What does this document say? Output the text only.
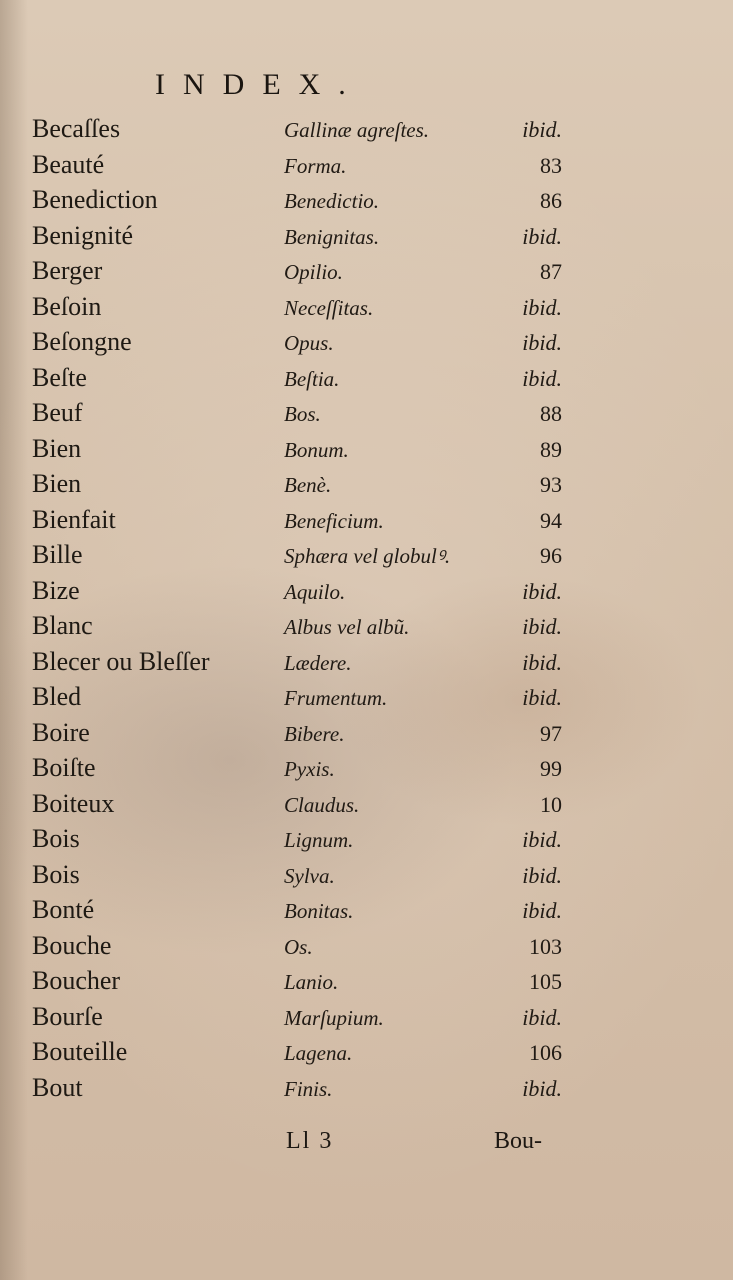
INDEX.
Becaſſes	Gallinæ agreſtes.	ibid.
Beauté	Forma.	83
Benediction	Benedictio.	86
Benignité	Benignitas.	ibid.
Berger	Opilio.	87
Beſoin	Neceſſitas.	ibid.
Beſongne	Opus.	ibid.
Beſte	Beſtia.	ibid.
Beuf	Bos.	88
Bien	Bonum.	89
Bien	Benè.	93
Bienfait	Beneficium.	94
Bille	Sphæra vel globulꝰ.	96
Bize	Aquilo.	ibid.
Blanc	Albus vel albũ.	ibid.
Blecer ou Bleſſer	Lædere.	ibid.
Bled	Frumentum.	ibid.
Boire	Bibere.	97
Boiſte	Pyxis.	99
Boiteux	Claudus.	10
Bois	Lignum.	ibid.
Bois	Sylva.	ibid.
Bonté	Bonitas.	ibid.
Bouche	Os.	103
Boucher	Lanio.	105
Bourſe	Marſupium.	ibid.
Bouteille	Lagena.	106
Bout	Finis.	ibid.
Ll 3	Bou-
